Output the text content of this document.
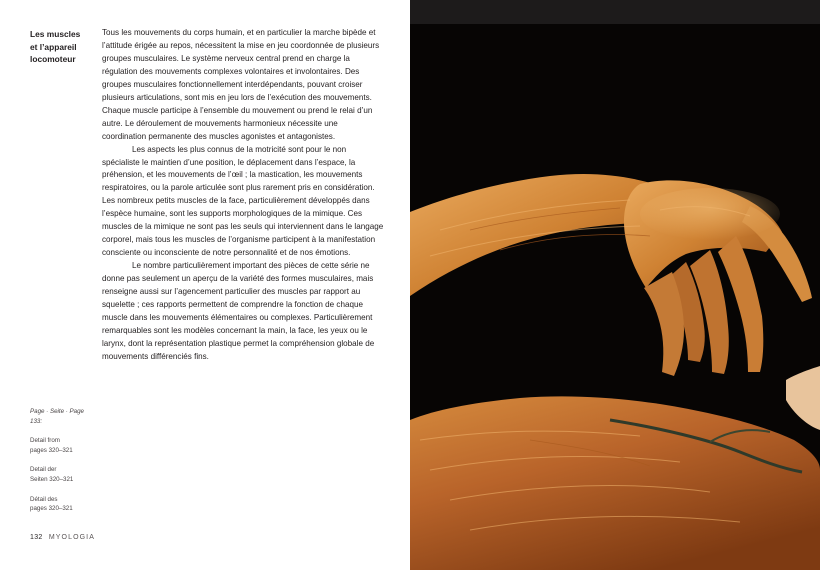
Les muscles
et l’appareil
locomoteur

Tous les mouvements du corps humain, et en particulier la marche bipède et l’attitude érigée au repos, nécessitent la mise en jeu coordonnée de plusieurs groupes musculaires. Le système nerveux central prend en charge la régulation des mouvements complexes volontaires et involontaires. Des groupes musculaires fonctionnellement interdépendants, pouvant croiser plusieurs articulations, sont mis en jeu lors de l’exécution des mouvements. Chaque muscle participe à l’ensemble du mouvement ou prend le relai d’un autre. Le déroulement de mouvements harmonieux nécessite une coordination permanente des muscles agonistes et antagonistes.

Les aspects les plus connus de la motricité sont pour le non spécialiste le maintien d’une position, le déplacement dans l’espace, la préhension, et les mouvements de l’œil ; la mastication, les mouvements respiratoires, ou la parole articulée sont plus rarement pris en considération. Les nombreux petits muscles de la face, particulièrement développés dans l’espèce humaine, sont les supports morphologiques de la mimique. Ces muscles de la mimique ne sont pas les seuls qui interviennent dans le langage corporel, mais tous les muscles de l’organisme participent à la manifestation consciente ou inconsciente de notre personnalité et de nos émotions.

Le nombre particulièrement important des pièces de cette série ne donne pas seulement un aperçu de la variété des formes musculaires, mais renseigne aussi sur l’agencement particulier des muscles par rapport au squelette ; ces rapports permettent de comprendre la fonction de chaque muscle dans les mouvements élémentaires ou complexes. Particulièrement remarquables sont les modèles concernant la main, la face, les yeux ou le larynx, dont la représentation plastique permet la compréhension globale de mouvements différenciés fins.

Page · Seite · Page
133:
Detail from
pages 320–321
Detail der
Seiten 320–321
Détail des
pages 320–321
132 MYOLOGIA
